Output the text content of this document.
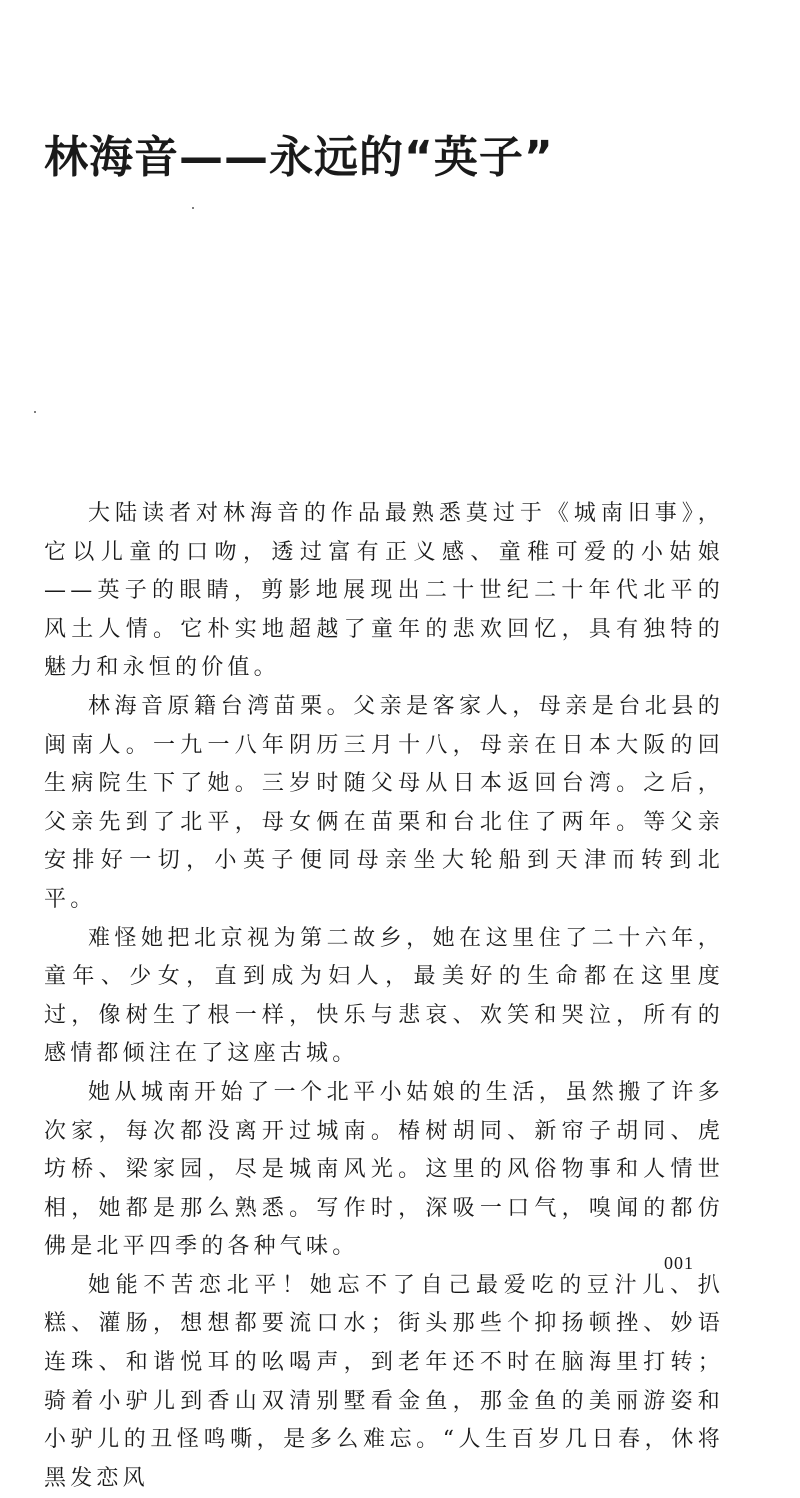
林海音——永远的“英子”

大陆读者对林海音的作品最熟悉莫过于《城南旧事》，它以儿童的口吻，透过富有正义感、童稚可爱的小姑娘——英子的眼睛，剪影地展现出二十世纪二十年代北平的风土人情。它朴实地超越了童年的悲欢回忆，具有独特的魅力和永恒的价值。

林海音原籍台湾苗栗。父亲是客家人，母亲是台北县的闽南人。一九一八年阴历三月十八，母亲在日本大阪的回生病院生下了她。三岁时随父母从日本返回台湾。之后，父亲先到了北平，母女俩在苗栗和台北住了两年。等父亲安排好一切，小英子便同母亲坐大轮船到天津而转到北平。

难怪她把北京视为第二故乡，她在这里住了二十六年，童年、少女，直到成为妇人，最美好的生命都在这里度过，像树生了根一样，快乐与悲哀、欢笑和哭泣，所有的感情都倾注在了这座古城。

她从城南开始了一个北平小姑娘的生活，虽然搬了许多次家，每次都没离开过城南。椿树胡同、新帘子胡同、虎坊桥、梁家园，尽是城南风光。这里的风俗物事和人情世相，她都是那么熟悉。写作时，深吸一口气，嗅闻的都仿佛是北平四季的各种气味。

她能不苦恋北平！她忘不了自己最爱吃的豆汁儿、扒糕、灌肠，想想都要流口水；街头那些个抑扬顿挫、妙语连珠、和谐悦耳的吆喝声，到老年还不时在脑海里打转；骑着小驴儿到香山双清别墅看金鱼，那金鱼的美丽游姿和小驴儿的丑怪鸣嘶，是多么难忘。“人生百岁几日春，休将黑发恋风

001
